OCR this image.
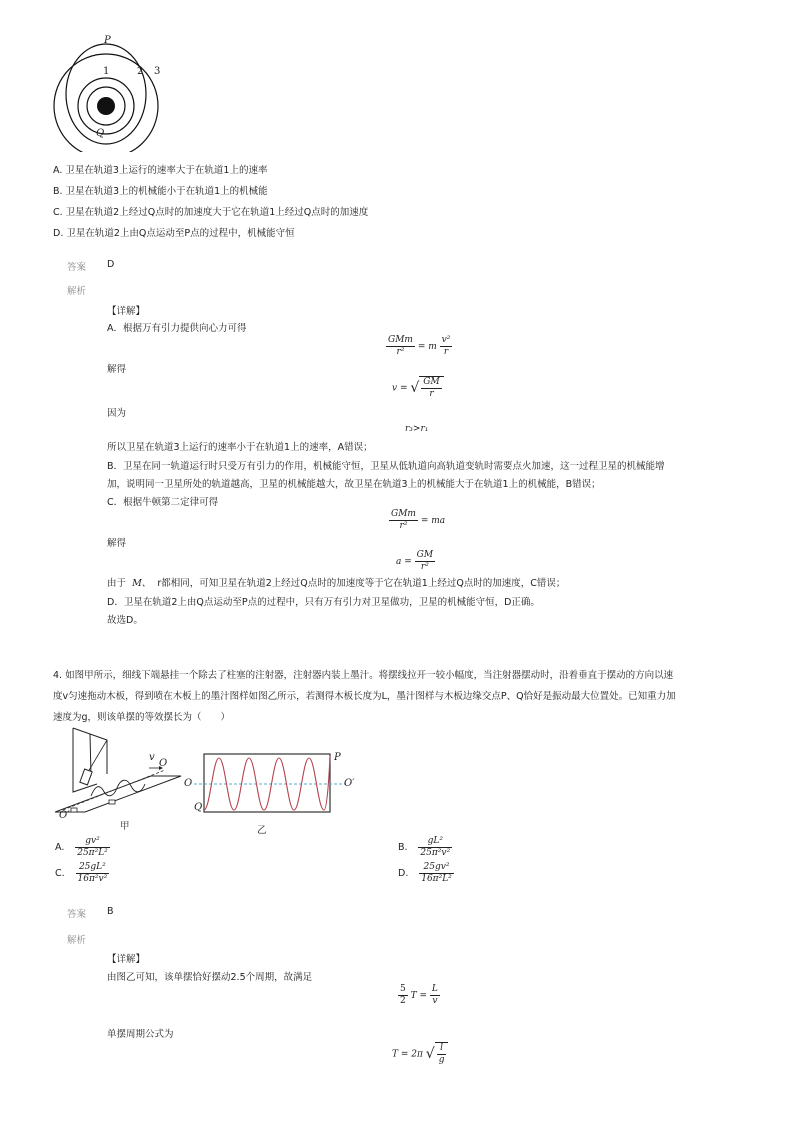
P
1	2 3
Q
A. 卫星在轨道3上运行的速率大于在轨道1上的速率
B. 卫星在轨道3上的机械能小于在轨道1上的机械能
C. 卫星在轨道2上经过Q点时的加速度大于它在轨道1上经过Q点时的加速度
D. 卫星在轨道2上由Q点运动至P点的过程中，机械能守恒
答案 D
解析
【详解】
A．根据万有引力提供向心力可得
$\frac{\text{GMm}}{\text{r²}} = m \frac{\text{v²}}{r}$
解得
v = √ $\frac{GM}{r}$
因为
r₃>r₁
所以卫星在轨道3上运行的速率小于在轨道1上的速率，A错误；
B．卫星在同一轨道运行时只受万有引力的作用，机械能守恒，卫星从低轨道向高轨道变轨时需要点火加速，这一过程卫星的机械能增
加，说明同一卫星所处的轨道越高，卫星的机械能越大，故卫星在轨道3上的机械能大于在轨道1上的机械能，B错误；
C．根据牛顿第二定律可得
$\frac{\text{GMm}}{\text{r²}}$ = ma
解得
$a = \frac{GM}{\text{r²}}$
由于 M、 r都相同，可知卫星在轨道2上经过Q点时的加速度等于它在轨道1上经过Q点时的加速度，C错误；
D．卫星在轨道2上由Q点运动至P点的过程中，只有万有引力对卫星做功，卫星的机械能守恒，D正确。
故选D。
4. 如图甲所示，细线下端悬挂一个除去了柱塞的注射器，注射器内装上墨汁。将摆线拉开一较小幅度，当注射器摆动时，沿着垂直于摆动的方向以速
度v匀速拖动木板，得到喷在木板上的墨汁图样如图乙所示，若测得木板长度为L，墨汁图样与木板边缘交点P、Q恰好是振动最大位置处。已知重力加
速度为g，则该单摆的等效摆长为（　　）
v
O
O′
甲
P
O	O′
Q
乙
A. $\frac{\text{gv²}}{\text{25π²L²}}$	B. $\frac{\text{gL²}}{\text{25π²v²}}$
C. $\frac{\text{25gL²}}{\text{16π²v²}}$	D. $\frac{\text{25gv²}}{\text{16π²L²}}$
答案 B
解析
【详解】
由图乙可知，该单摆恰好摆动2.5个周期，故满足
$\frac{5}{2}$ $T = \frac{L}{v}$
单摆周期公式为
T = 2π √ $\frac{l}{g}$
